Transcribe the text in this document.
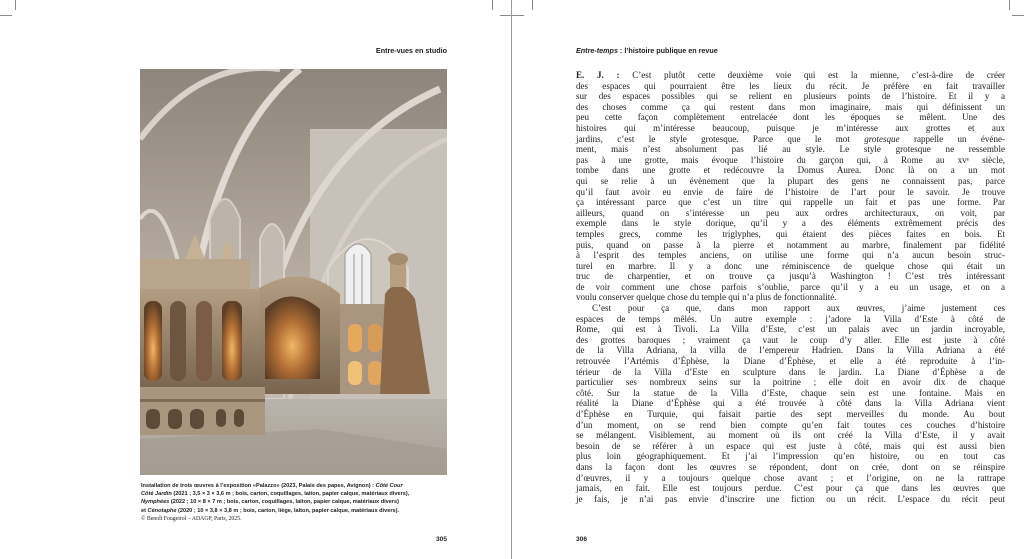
Entre-vues en studio
Installation de trois œuvres à l’exposition «Palazzo» (2023, Palais des papes, Avignon) : Côté Cour
Côté Jardin (2021 ; 3,5 × 3 × 3,6 m ; bois, carton, coquillages, laiton, papier calque, matériaux divers),
Nymphées (2022 ; 10 × 8 × 7 m ; bois, carton, coquillages, laiton, papier calque, matériaux divers)
et Cénotaphe (2020 ; 10 × 3,8 × 3,8 m ; bois, carton, liège, laiton, papier calque, matériaux divers).
© Benoît Fougeirol – ADAGP, Paris, 2025.
305
Entre-temps : l’histoire publique en revue
E. J. : C’est plutôt cette deuxième voie qui est la mienne, c’est-à-dire de créer
des espaces qui pourraient être les lieux du récit. Je préfère en fait travailler
sur des espaces possibles qui se relient en plusieurs points de l’histoire. Et il y a
des choses comme ça qui restent dans mon imaginaire, mais qui définissent un
peu cette façon complètement entrelacée dont les époques se mêlent. Une des
histoires qui m’intéresse beaucoup, puisque je m’intéresse aux grottes et aux
jardins, c’est le style grotesque. Parce que le mot grotesque rappelle un événe-
ment, mais n’est absolument pas lié au style. Le style grotesque ne ressemble
pas à une grotte, mais évoque l’histoire du garçon qui, à Rome au xvᵉ siècle,
tombe dans une grotte et redécouvre la Domus Aurea. Donc là on a un mot
qui se relie à un évènement que la plupart des gens ne connaissent pas, parce
qu’il faut avoir eu envie de faire de l’histoire de l’art pour le savoir. Je trouve
ça intéressant parce que c’est un titre qui rappelle un fait et pas une forme. Par
ailleurs, quand on s’intéresse un peu aux ordres architecturaux, on voit, par
exemple dans le style dorique, qu’il y a des éléments extrêmement précis des
temples grecs, comme les triglyphes, qui étaient des pièces faites en bois. Et
puis, quand on passe à la pierre et notamment au marbre, finalement par fidélité
à l’esprit des temples anciens, on utilise une forme qui n’a aucun besoin struc-
turel en marbre. Il y a donc une réminiscence de quelque chose qui était un
truc de charpentier, et on trouve ça jusqu’à Washington ! C’est très intéressant
de voir comment une chose parfois s’oublie, parce qu’il y a eu un usage, et on a
voulu conserver quelque chose du temple qui n’a plus de fonctionnalité.
C’est pour ça que, dans mon rapport aux œuvres, j’aime justement ces
espaces de temps mêlés. Un autre exemple : j’adore la Villa d’Este à côté de
Rome, qui est à Tivoli. La Villa d’Este, c’est un palais avec un jardin incroyable,
des grottes baroques ; vraiment ça vaut le coup d’y aller. Elle est juste à côté
de la Villa Adriana, la villa de l’empereur Hadrien. Dans la Villa Adriana a été
retrouvée l’Artémis d’Éphèse, la Diane d’Éphèse, et elle a été reproduite à l’in-
térieur de la Villa d’Este en sculpture dans le jardin. La Diane d’Éphèse a de
particulier ses nombreux seins sur la poitrine ; elle doit en avoir dix de chaque
côté. Sur la statue de la Villa d’Este, chaque sein est une fontaine. Mais en
réalité la Diane d’Éphèse qui a été trouvée à côté dans la Villa Adriana vient
d’Éphèse en Turquie, qui faisait partie des sept merveilles du monde. Au bout
d’un moment, on se rend bien compte qu’en fait toutes ces couches d’histoire
se mélangent. Visiblement, au moment où ils ont créé la Villa d’Este, il y avait
besoin de se référer à un espace qui est juste à côté, mais qui est aussi bien
plus loin géographiquement. Et j’ai l’impression qu’en histoire, ou en tout cas
dans la façon dont les œuvres se répondent, dont on crée, dont on se réinspire
d’œuvres, il y a toujours quelque chose avant ; et l’origine, on ne la rattrape
jamais, en fait. Elle est toujours perdue. C’est pour ça que dans les œuvres que
je fais, je n’ai pas envie d’inscrire une fiction ou un récit. L’espace du récit peut
306
